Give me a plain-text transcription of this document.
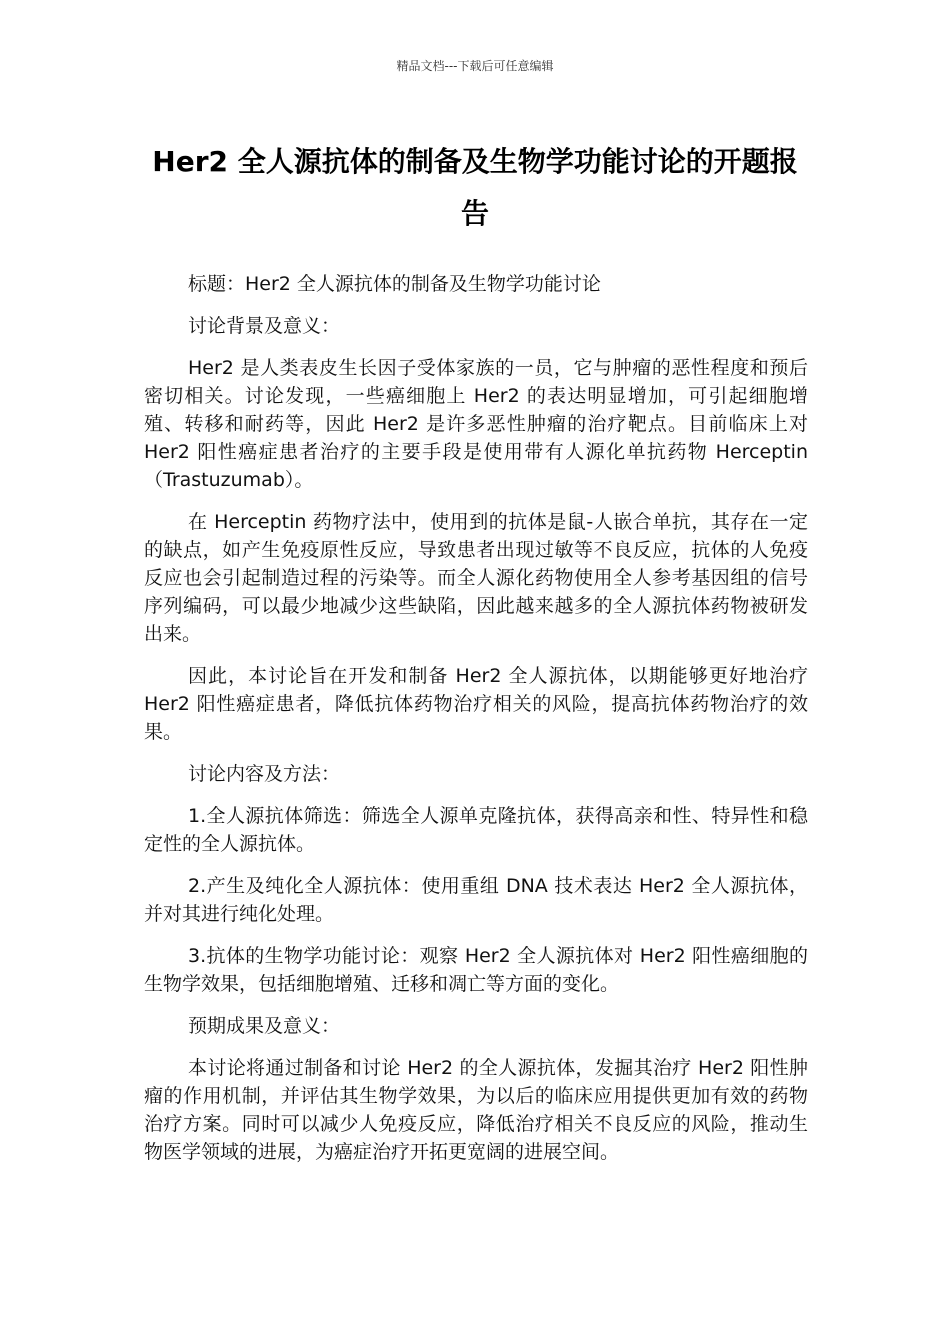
精品文档---下载后可任意编辑
Her2 全人源抗体的制备及生物学功能讨论的开题报告

标题：Her2 全人源抗体的制备及生物学功能讨论

讨论背景及意义：

Her2 是人类表皮生长因子受体家族的一员，它与肿瘤的恶性程度和预后密切相关。讨论发现，一些癌细胞上 Her2 的表达明显增加，可引起细胞增殖、转移和耐药等，因此 Her2 是许多恶性肿瘤的治疗靶点。目前临床上对 Her2 阳性癌症患者治疗的主要手段是使用带有人源化单抗药物 Herceptin（Trastuzumab）。

在 Herceptin 药物疗法中，使用到的抗体是鼠-人嵌合单抗，其存在一定的缺点，如产生免疫原性反应，导致患者出现过敏等不良反应，抗体的人免疫反应也会引起制造过程的污染等。而全人源化药物使用全人参考基因组的信号序列编码，可以最少地减少这些缺陷，因此越来越多的全人源抗体药物被研发出来。

因此，本讨论旨在开发和制备 Her2 全人源抗体，以期能够更好地治疗 Her2 阳性癌症患者，降低抗体药物治疗相关的风险，提高抗体药物治疗的效果。

讨论内容及方法：

1.全人源抗体筛选：筛选全人源单克隆抗体，获得高亲和性、特异性和稳定性的全人源抗体。

2.产生及纯化全人源抗体：使用重组 DNA 技术表达 Her2 全人源抗体，并对其进行纯化处理。

3.抗体的生物学功能讨论：观察 Her2 全人源抗体对 Her2 阳性癌细胞的生物学效果，包括细胞增殖、迁移和凋亡等方面的变化。

预期成果及意义：

本讨论将通过制备和讨论 Her2 的全人源抗体，发掘其治疗 Her2 阳性肿瘤的作用机制，并评估其生物学效果，为以后的临床应用提供更加有效的药物治疗方案。同时可以减少人免疫反应，降低治疗相关不良反应的风险，推动生物医学领域的进展，为癌症治疗开拓更宽阔的进展空间。
